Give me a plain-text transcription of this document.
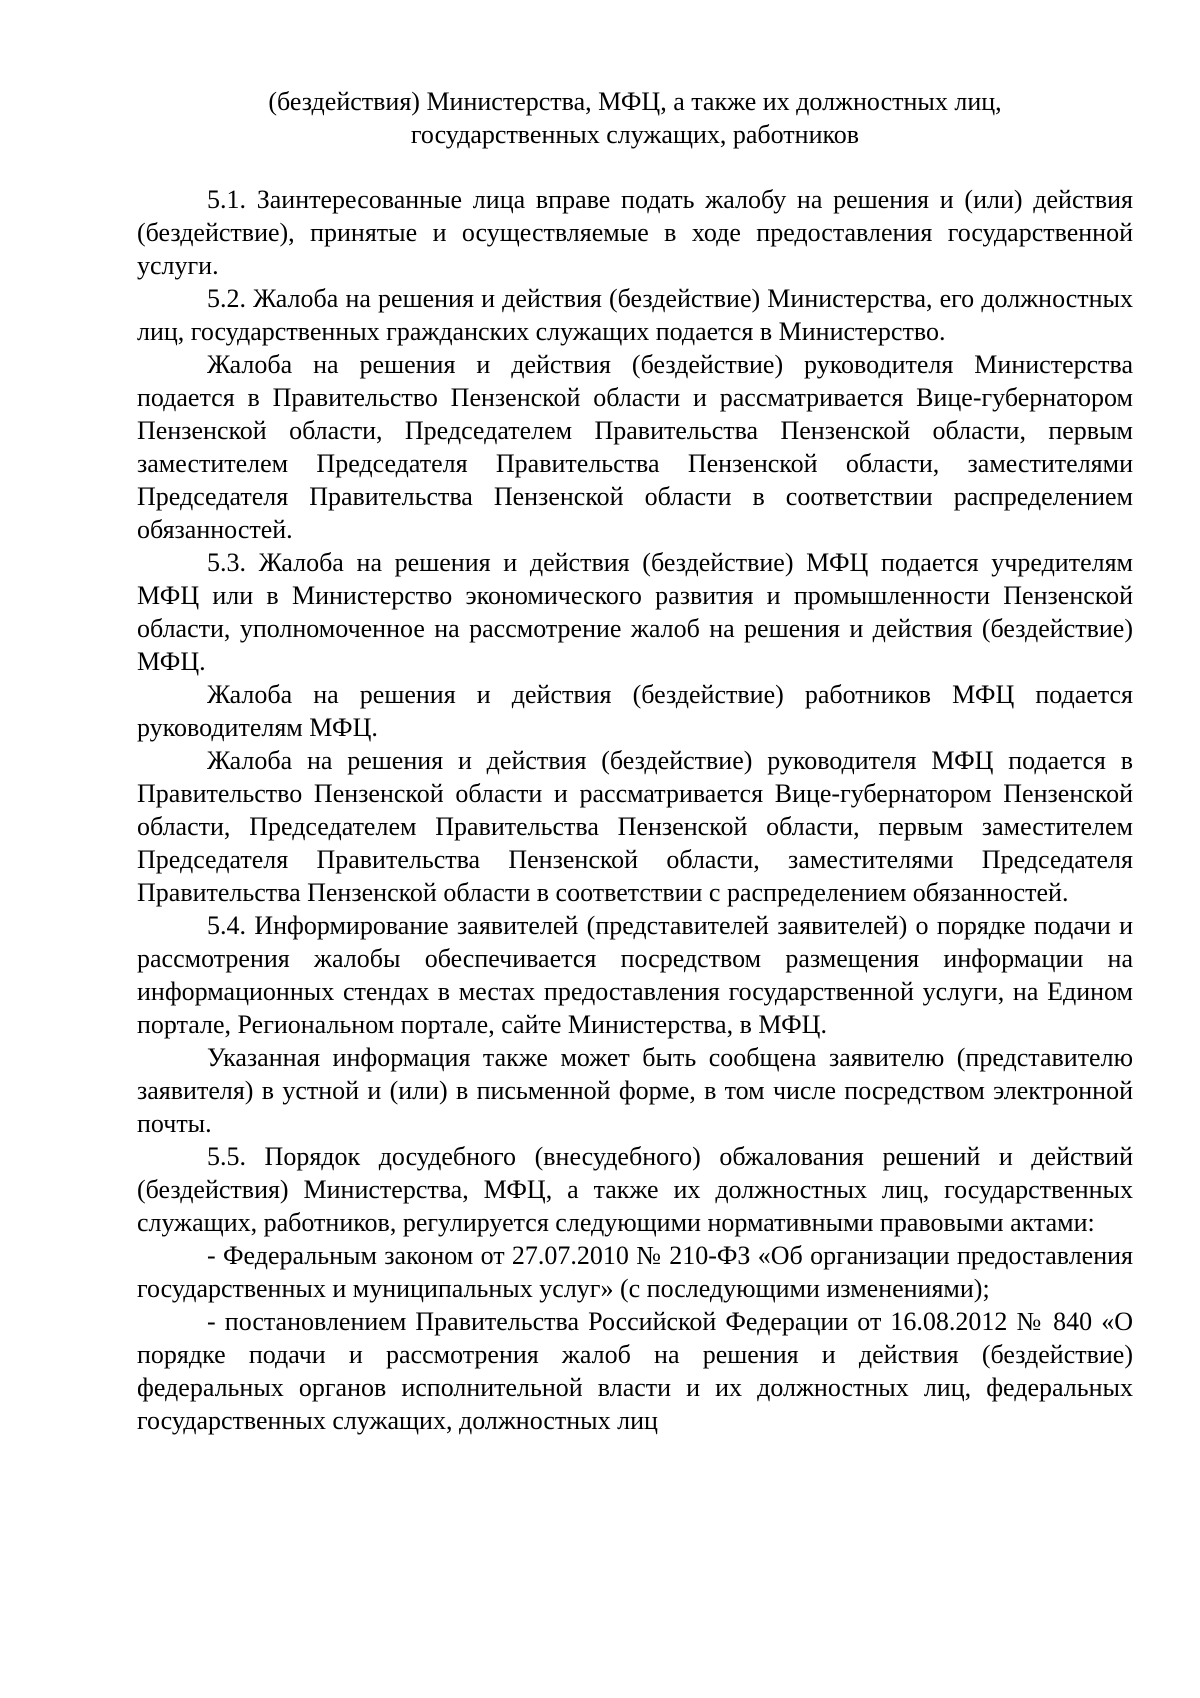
(бездействия) Министерства, МФЦ, а также их должностных лиц,
государственных служащих, работников

5.1. Заинтересованные лица вправе подать жалобу на решения и (или) действия (бездействие), принятые и осуществляемые в ходе предоставления государственной услуги.

5.2. Жалоба на решения и действия (бездействие) Министерства, его должностных лиц, государственных гражданских служащих подается в Министерство.

Жалоба на решения и действия (бездействие) руководителя Министерства подается в Правительство Пензенской области и рассматривается Вице-губернатором Пензенской области, Председателем Правительства Пензенской области, первым заместителем Председателя Правительства Пензенской области, заместителями Председателя Правительства Пензенской области в соответствии распределением обязанностей.

5.3. Жалоба на решения и действия (бездействие) МФЦ подается учредителям МФЦ или в Министерство экономического развития и промышленности Пензенской области, уполномоченное на рассмотрение жалоб на решения и действия (бездействие) МФЦ.

Жалоба на решения и действия (бездействие) работников МФЦ подается руководителям МФЦ.

Жалоба на решения и действия (бездействие) руководителя МФЦ подается в Правительство Пензенской области и рассматривается Вице-губернатором Пензенской области, Председателем Правительства Пензенской области, первым заместителем Председателя Правительства Пензенской области, заместителями Председателя Правительства Пензенской области в соответствии с распределением обязанностей.

5.4. Информирование заявителей (представителей заявителей) о порядке подачи и рассмотрения жалобы обеспечивается посредством размещения информации на информационных стендах в местах предоставления государственной услуги, на Едином портале, Региональном портале, сайте Министерства, в МФЦ.

Указанная информация также может быть сообщена заявителю (представителю заявителя) в устной и (или) в письменной форме, в том числе посредством электронной почты.

5.5. Порядок досудебного (внесудебного) обжалования решений и действий (бездействия) Министерства, МФЦ, а также их должностных лиц, государственных служащих, работников, регулируется следующими нормативными правовыми актами:

- Федеральным законом от 27.07.2010 № 210-ФЗ «Об организации предоставления государственных и муниципальных услуг» (с последующими изменениями);

- постановлением Правительства Российской Федерации от 16.08.2012 № 840 «О порядке подачи и рассмотрения жалоб на решения и действия (бездействие) федеральных органов исполнительной власти и их должностных лиц, федеральных государственных служащих, должностных лиц
